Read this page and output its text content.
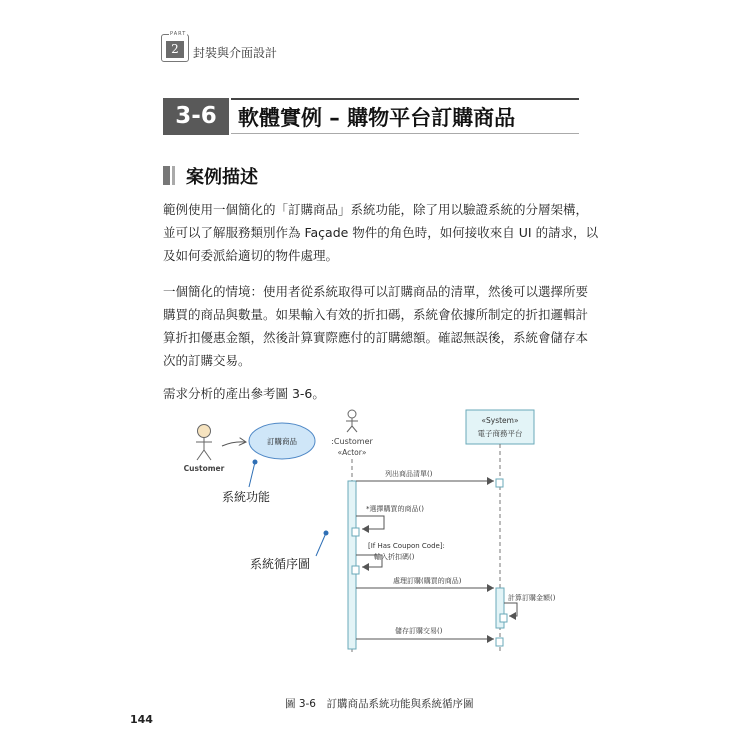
PART
2	封裝與介面設計
3-6	軟體實例 – 購物平台訂購商品
案例描述
範例使用一個簡化的「訂購商品」系統功能，除了用以驗證系統的分層架構，
並可以了解服務類別作為 Façade 物件的角色時，如何接收來自 UI 的請求，以
及如何委派給適切的物件處理。
一個簡化的情境：使用者從系統取得可以訂購商品的清單，然後可以選擇所要
購買的商品與數量。如果輸入有效的折扣碼，系統會依據所制定的折扣邏輯計
算折扣優惠金額，然後計算實際應付的訂購總額。確認無誤後，系統會儲存本
次的訂購交易。
需求分析的產出參考圖 3-6。
Customer
訂購商品
系統功能
系統循序圖
:Customer
«Actor»
«System»
電子商務平台
列出商品清單()
*選擇購買的商品()
[If Has Coupon Code]:
輸入折扣碼()
處理訂購(購買的商品)
計算訂購金額()
儲存訂購交易()
圖 3-6　訂購商品系統功能與系統循序圖
144
